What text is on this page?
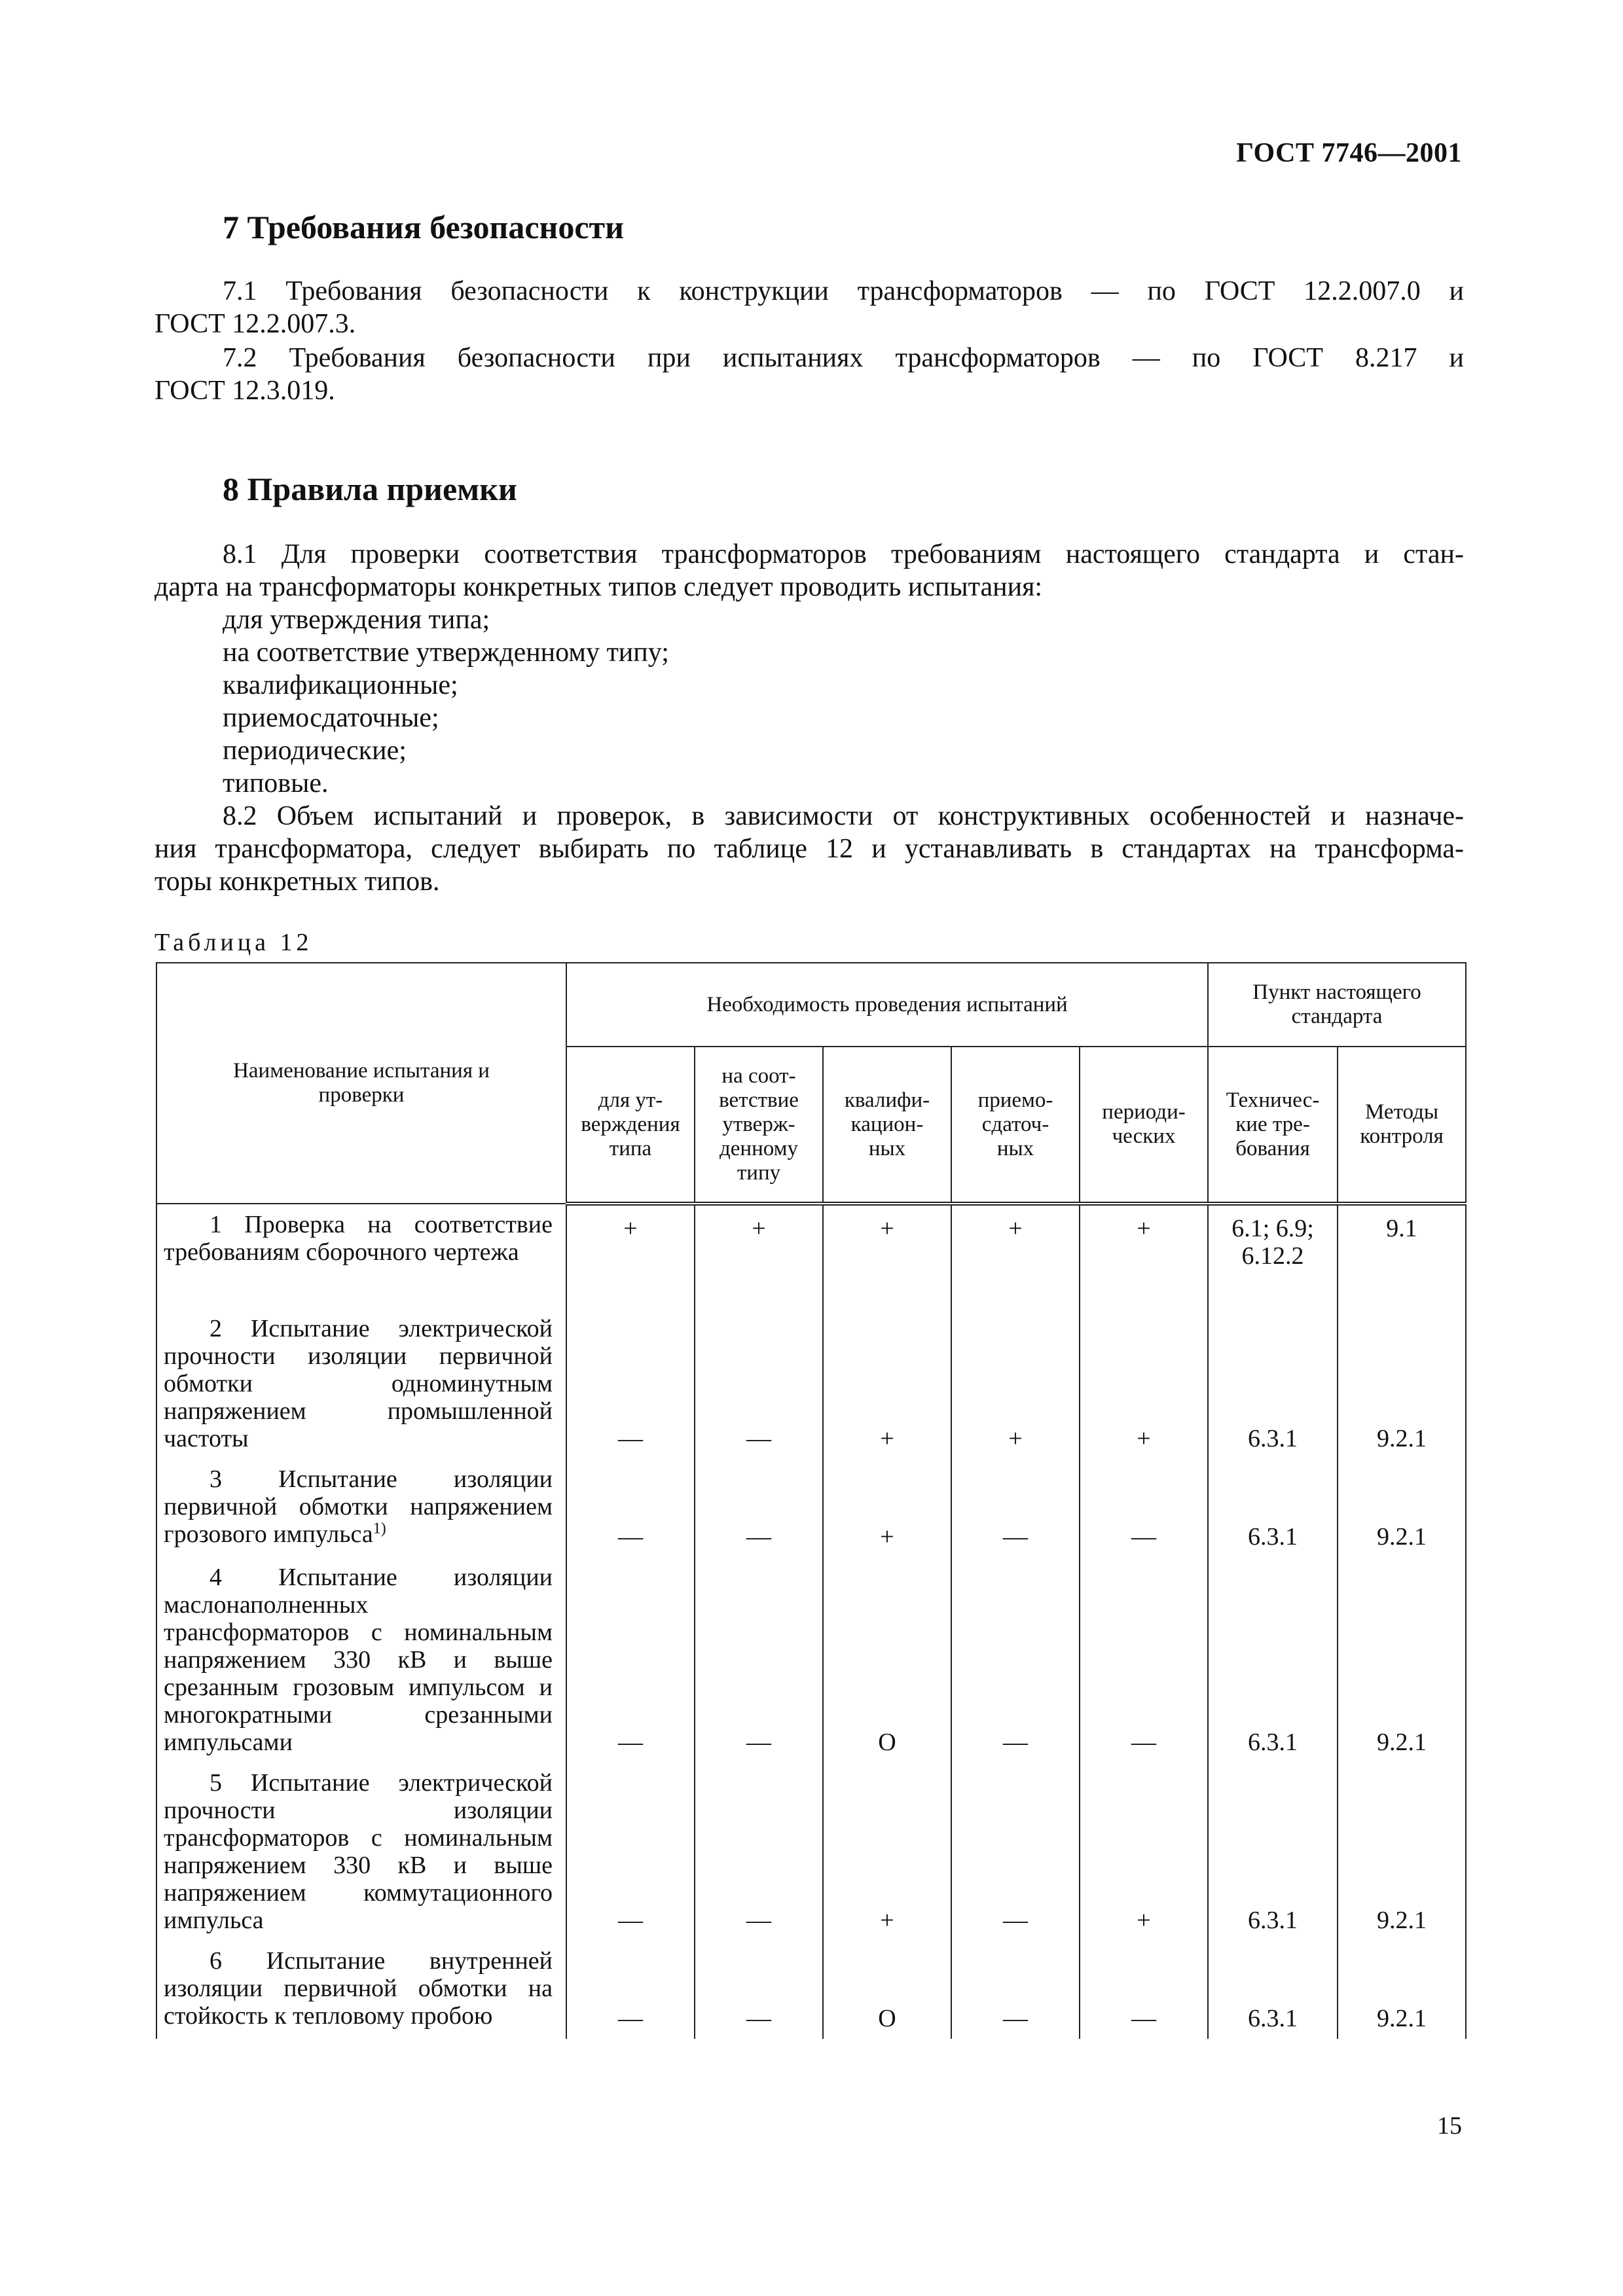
ГОСТ 7746—2001
7 Требования безопасности
7.1 Требования безопасности к конструкции трансформаторов — по ГОСТ 12.2.007.0 и
ГОСТ 12.2.007.3.
7.2 Требования безопасности при испытаниях трансформаторов — по ГОСТ 8.217 и
ГОСТ 12.3.019.
8 Правила приемки
8.1 Для проверки соответствия трансформаторов требованиям настоящего стандарта и стан-
дарта на трансформаторы конкретных типов следует проводить испытания:
для утверждения типа;
на соответствие утвержденному типу;
квалификационные;
приемосдаточные;
периодические;
типовые.
8.2 Объем испытаний и проверок, в зависимости от конструктивных особенностей и назначе-
ния трансформатора, следует выбирать по таблице 12 и устанавливать в стандартах на трансформа-
торы конкретных типов.
Таблица 12
Наименование испытания и проверки	Необходимость проведения испытаний					Пункт настоящего стандарта	
	для ут- верждения типа	на соот- ветствие утверж- денному типу	квалифи- кацион- ных	приемо- сдаточ- ных	периоди- ческих	Техничес- кие тре- бования	Методы контроля

1 Проверка на соответствие требованиям сборочного чертежа	+	+	+	+	+	6.1; 6.9; 6.12.2	9.1

2 Испытание электрической прочности изоляции первичной обмотки одноминутным напряжением промышленной частоты	—	—	+	+	+	6.3.1	9.2.1

3 Испытание изоляции первичной обмотки напряжением грозового импульса$^{1)}$	—	—	+	—	—	6.3.1	9.2.1

4 Испытание изоляции маслонаполненных трансформаторов с номинальным напряжением 330 кВ и выше срезанным грозовым импульсом и многократными срезанными импульсами	—	—	О	—	—	6.3.1	9.2.1

5 Испытание электрической прочности изоляции трансформаторов с номинальным напряжением 330 кВ и выше напряжением коммутационного импульса	—	—	+	—	+	6.3.1	9.2.1

6 Испытание внутренней изоляции первичной обмотки на стойкость к тепловому пробою	—	—	О	—	—	6.3.1	9.2.1
15
